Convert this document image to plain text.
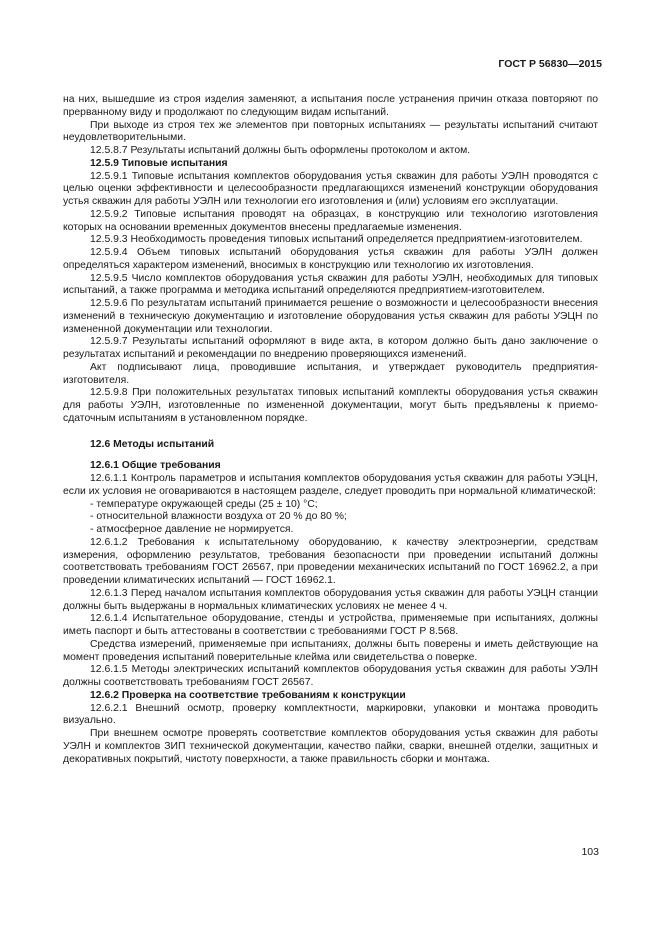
ГОСТ Р 56830—2015

на них, вышедшие из строя изделия заменяют, а испытания после устранения причин отказа повторяют по прерванному виду и продолжают по следующим видам испытаний.

При выходе из строя тех же элементов при повторных испытаниях — результаты испытаний считают неудовлетворительными.

12.5.8.7 Результаты испытаний должны быть оформлены протоколом и актом.

12.5.9 Типовые испытания

12.5.9.1 Типовые испытания комплектов оборудования устья скважин для работы УЭЛН проводятся с целью оценки эффективности и целесообразности предлагающихся изменений конструкции оборудования устья скважин для работы УЭЛН или технологии его изготовления и (или) условиям его эксплуатации.

12.5.9.2 Типовые испытания проводят на образцах, в конструкцию или технологию изготовления которых на основании временных документов внесены предлагаемые изменения.

12.5.9.3 Необходимость проведения типовых испытаний определяется предприятием-изготовителем.

12.5.9.4 Объем типовых испытаний оборудования устья скважин для работы УЭЛН должен определяться характером изменений, вносимых в конструкцию или технологию их изготовления.

12.5.9.5 Число комплектов оборудования устья скважин для работы УЭЛН, необходимых для типовых испытаний, а также программа и методика испытаний определяются предприятием-изготовителем.

12.5.9.6 По результатам испытаний принимается решение о возможности и целесообразности внесения изменений в техническую документацию и изготовление оборудования устья скважин для работы УЭЦН по измененной документации или технологии.

12.5.9.7 Результаты испытаний оформляют в виде акта, в котором должно быть дано заключение о результатах испытаний и рекомендации по внедрению проверяющихся изменений.

Акт подписывают лица, проводившие испытания, и утверждает руководитель предприятия-изготовителя.

12.5.9.8 При положительных результатах типовых испытаний комплекты оборудования устья скважин для работы УЭЛН, изготовленные по измененной документации, могут быть предъявлены к приемо-сдаточным испытаниям в установленном порядке.

12.6 Методы испытаний
12.6.1 Общие требования

12.6.1.1 Контроль параметров и испытания комплектов оборудования устья скважин для работы УЭЦН, если их условия не оговариваются в настоящем разделе, следует проводить при нормальной климатической:

- температуре окружающей среды (25 ± 10) °С;
- относительной влажности воздуха от 20 % до 80 %;
- атмосферное давление не нормируется.

12.6.1.2 Требования к испытательному оборудованию, к качеству электроэнергии, средствам измерения, оформлению результатов, требования безопасности при проведении испытаний должны соответствовать требованиям ГОСТ 26567, при проведении механических испытаний по ГОСТ 16962.2, а при проведении климатических испытаний — ГОСТ 16962.1.

12.6.1.3 Перед началом испытания комплектов оборудования устья скважин для работы УЭЦН станции должны быть выдержаны в нормальных климатических условиях не менее 4 ч.

12.6.1.4 Испытательное оборудование, стенды и устройства, применяемые при испытаниях, должны иметь паспорт и быть аттестованы в соответствии с требованиями ГОСТ Р 8.568.

Средства измерений, применяемые при испытаниях, должны быть поверены и иметь действующие на момент проведения испытаний поверительные клейма или свидетельства о поверке.

12.6.1.5 Методы электрических испытаний комплектов оборудования устья скважин для работы УЭЛН должны соответствовать требованиям ГОСТ 26567.

12.6.2 Проверка на соответствие требованиям к конструкции

12.6.2.1 Внешний осмотр, проверку комплектности, маркировки, упаковки и монтажа проводить визуально.

При внешнем осмотре проверять соответствие комплектов оборудования устья скважин для работы УЭЛН и комплектов ЗИП технической документации, качество пайки, сварки, внешней отделки, защитных и декоративных покрытий, чистоту поверхности, а также правильность сборки и монтажа.

103
